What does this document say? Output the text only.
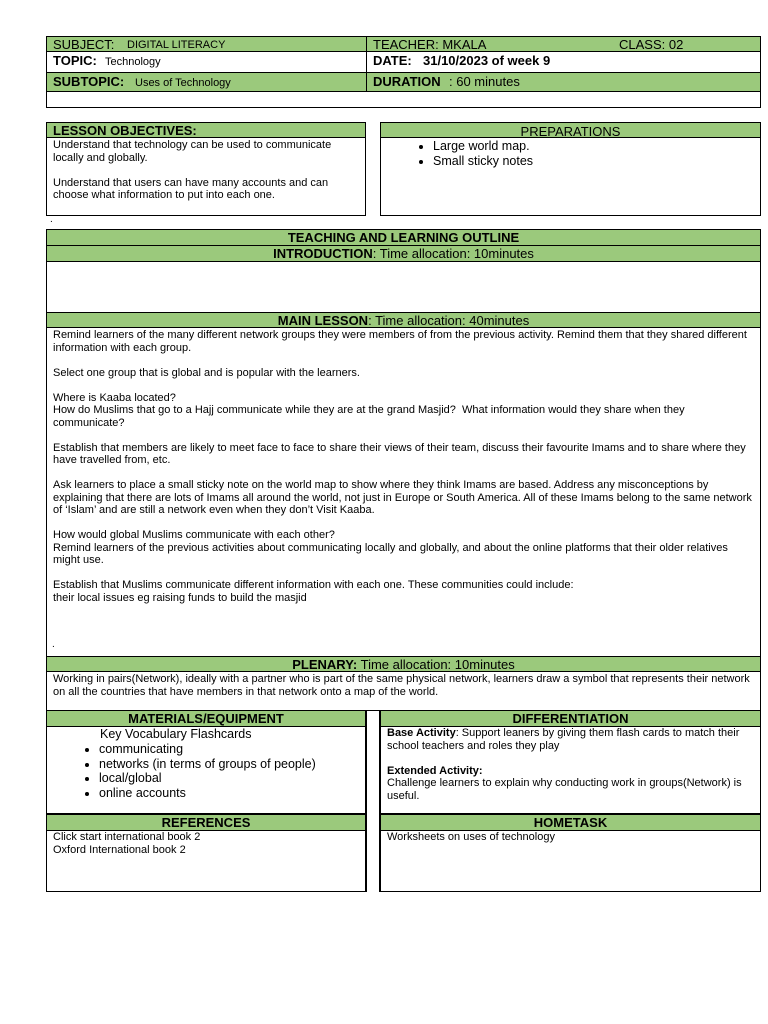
SUBJECT: DIGITAL LITERACY	TEACHER: MKALA	CLASS: 02
TOPIC: Technology	DATE: 31/10/2023 of week 9
SUBTOPIC: Uses of Technology	DURATION : 60 minutes
LESSON OBJECTIVES:

Understand that technology can be used to communicate locally and globally.

Understand that users can have many accounts and can choose what information to put into each one.

PREPARATIONS
• Large world map.
• Small sticky notes
.
TEACHING AND LEARNING OUTLINE
INTRODUCTION: Time allocation: 10minutes
MAIN LESSON: Time allocation: 40minutes

Remind learners of the many different network groups they were members of from the previous activity. Remind them that they shared different information with each group.

Select one group that is global and is popular with the learners.

Where is Kaaba located?
How do Muslims that go to a Hajj communicate while they are at the grand Masjid?  What information would they share when they communicate?

Establish that members are likely to meet face to face to share their views of their team, discuss their favourite Imams and to share where they have travelled from, etc.

Ask learners to place a small sticky note on the world map to show where they think Imams are based. Address any misconceptions by explaining that there are lots of Imams all around the world, not just in Europe or South America. All of these Imams belong to the same network of ‘Islam’ and are still a network even when they don’t Visit Kaaba.

How would global Muslims communicate with each other?
Remind learners of the previous activities about communicating locally and globally, and about the online platforms that their older relatives might use.

Establish that Muslims communicate different information with each one. These communities could include:
their local issues eg raising funds to build the masjid

.
PLENARY: Time allocation: 10minutes
Working in pairs(Network), ideally with a partner who is part of the same physical network, learners draw a symbol that represents their network on all the countries that have members in that network onto a map of the world.
MATERIALS/EQUIPMENT
Key Vocabulary Flashcards
• communicating
• networks (in terms of groups of people)
• local/global
• online accounts
DIFFERENTIATION

Base Activity: Support leaners by giving them flash cards to match their school teachers and roles they play

Extended Activity:
Challenge learners to explain why conducting work in groups(Network) is useful.
REFERENCES
Click start international book 2
Oxford International book 2
HOMETASK
Worksheets on uses of technology
